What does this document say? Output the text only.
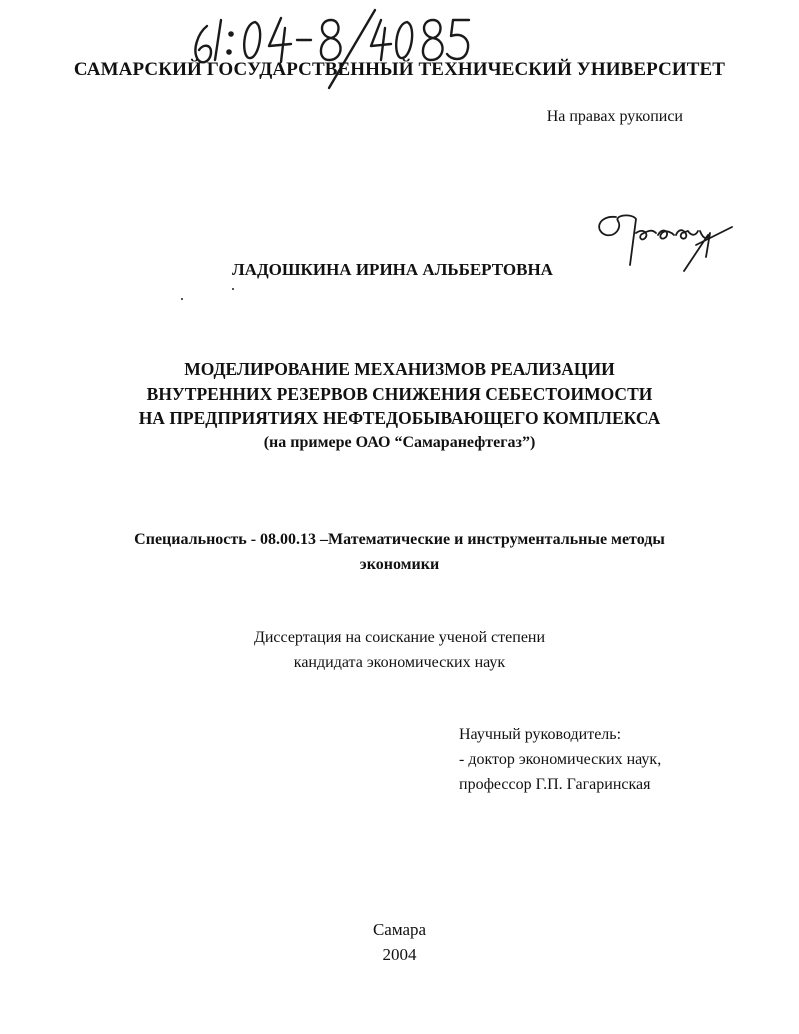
САМАРСКИЙ ГОСУДАРСТВЕННЫЙ ТЕХНИЧЕСКИЙ УНИВЕРСИТЕТ
На правах рукописи
ЛАДОШКИНА ИРИНА АЛЬБЕРТОВНА
МОДЕЛИРОВАНИЕ МЕХАНИЗМОВ РЕАЛИЗАЦИИ
ВНУТРЕННИХ РЕЗЕРВОВ СНИЖЕНИЯ СЕБЕСТОИМОСТИ
НА ПРЕДПРИЯТИЯХ НЕФТЕДОБЫВАЮЩЕГО КОМПЛЕКСА
(на примере ОАО “Самаранефтегаз”)
Специальность - 08.00.13 –Математические и инструментальные методы
экономики
Диссертация на соискание ученой степени
кандидата экономических наук
Научный руководитель:
- доктор экономических наук,
профессор Г.П. Гагаринская
Самара
2004
